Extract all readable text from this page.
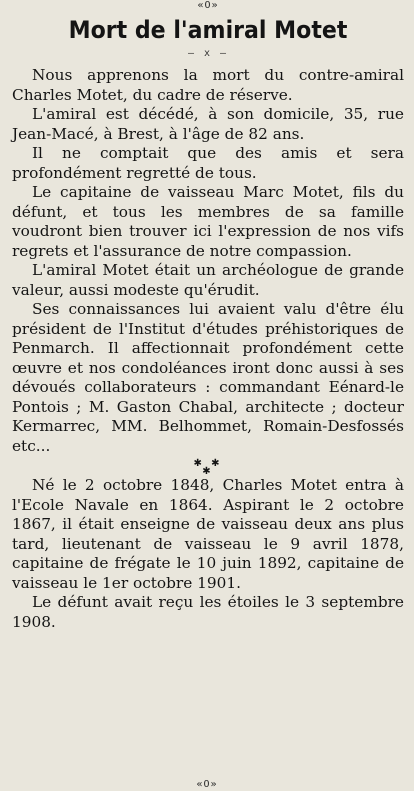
«O»
Mort de l'amiral Motet
— x —

Nous apprenons la mort du contre-amiral Charles Motet, du cadre de réserve.

L'amiral est décédé, à son domicile, 35, rue Jean-Macé, à Brest, à l'âge de 82 ans.

Il ne comptait que des amis et sera profondément regretté de tous.

Le capitaine de vaisseau Marc Motet, fils du défunt, et tous les membres de sa famille voudront bien trouver ici l'expression de nos vifs regrets et l'assurance de notre compassion.

L'amiral Motet était un archéologue de grande valeur, aussi modeste qu'érudit.

Ses connaissances lui avaient valu d'être élu président de l'Institut d'études préhistoriques de Penmarch. Il affectionnait profondément cette œuvre et nos condoléances iront donc aussi à ses dévoués collaborateurs : commandant Eénard-le Pontois ; M. Gaston Chabal, architecte ; docteur Kermarrec, MM. Belhommet, Romain-Desfossés etc...

✱ ✱
✱

Né le 2 octobre 1848, Charles Motet entra à l'Ecole Navale en 1864. Aspirant le 2 octobre 1867, il était enseigne de vaisseau deux ans plus tard, lieutenant de vaisseau le 9 avril 1878, capitaine de frégate le 10 juin 1892, capitaine de vaisseau le 1er octobre 1901.

Le défunt avait reçu les étoiles le 3 septembre 1908.

«O»
